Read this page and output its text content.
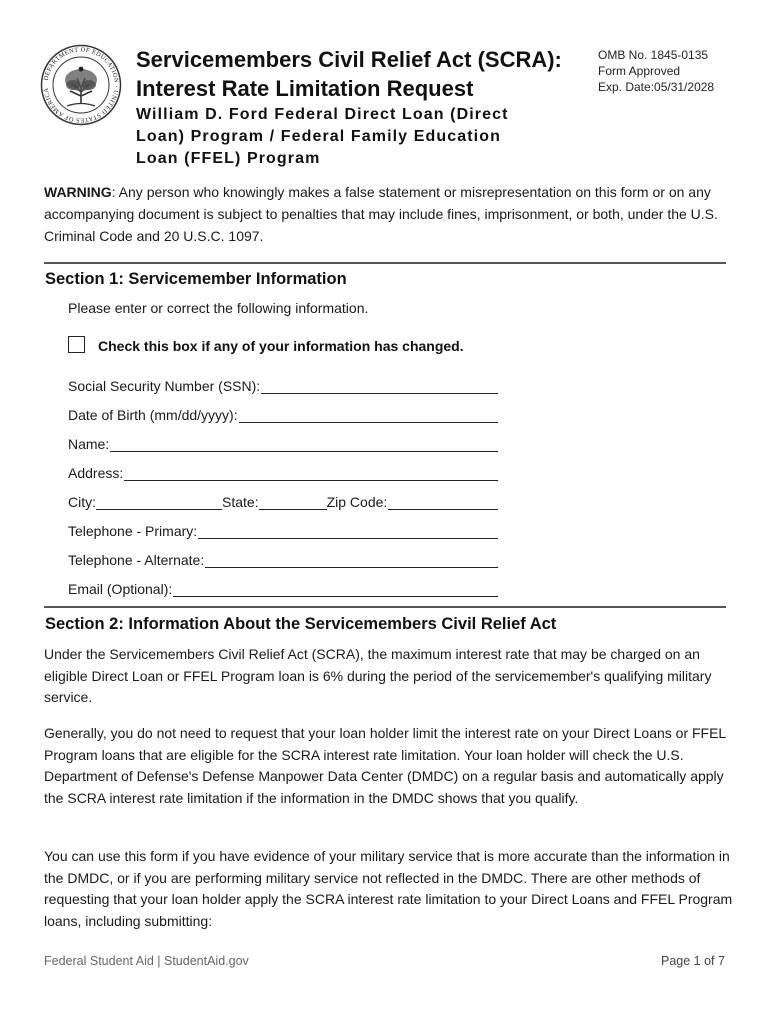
DEPARTMENT OF EDUCATION · UNITED STATES OF AMERICA
Servicemembers Civil Relief Act (SCRA):
Interest Rate Limitation Request
William D. Ford Federal Direct Loan (Direct
Loan) Program / Federal Family Education
Loan (FFEL) Program
OMB No. 1845-0135
Form Approved
Exp. Date:05/31/2028
WARNING: Any person who knowingly makes a false statement or misrepresentation on this form or on any accompanying document is subject to penalties that may include fines, imprisonment, or both, under the U.S. Criminal Code and 20 U.S.C. 1097.
Section 1: Servicemember Information
Please enter or correct the following information.
Check this box if any of your information has changed.
Social Security Number (SSN):
Date of Birth (mm/dd/yyyy):
Name:
Address:
City:	State:	Zip Code:
Telephone - Primary:
Telephone - Alternate:
Email (Optional):
Section 2: Information About the Servicemembers Civil Relief Act
Under the Servicemembers Civil Relief Act (SCRA), the maximum interest rate that may be charged on an eligible Direct Loan or FFEL Program loan is 6% during the period of the servicemember's qualifying military service.
Generally, you do not need to request that your loan holder limit the interest rate on your Direct Loans or FFEL Program loans that are eligible for the SCRA interest rate limitation. Your loan holder will check the U.S. Department of Defense's Defense Manpower Data Center (DMDC) on a regular basis and automatically apply the SCRA interest rate limitation if the information in the DMDC shows that you qualify.
You can use this form if you have evidence of your military service that is more accurate than the information in the DMDC, or if you are performing military service not reflected in the DMDC. There are other methods of requesting that your loan holder apply the SCRA interest rate limitation to your Direct Loans and FFEL Program loans, including submitting:
Federal Student Aid | StudentAid.gov	Page 1 of 7
